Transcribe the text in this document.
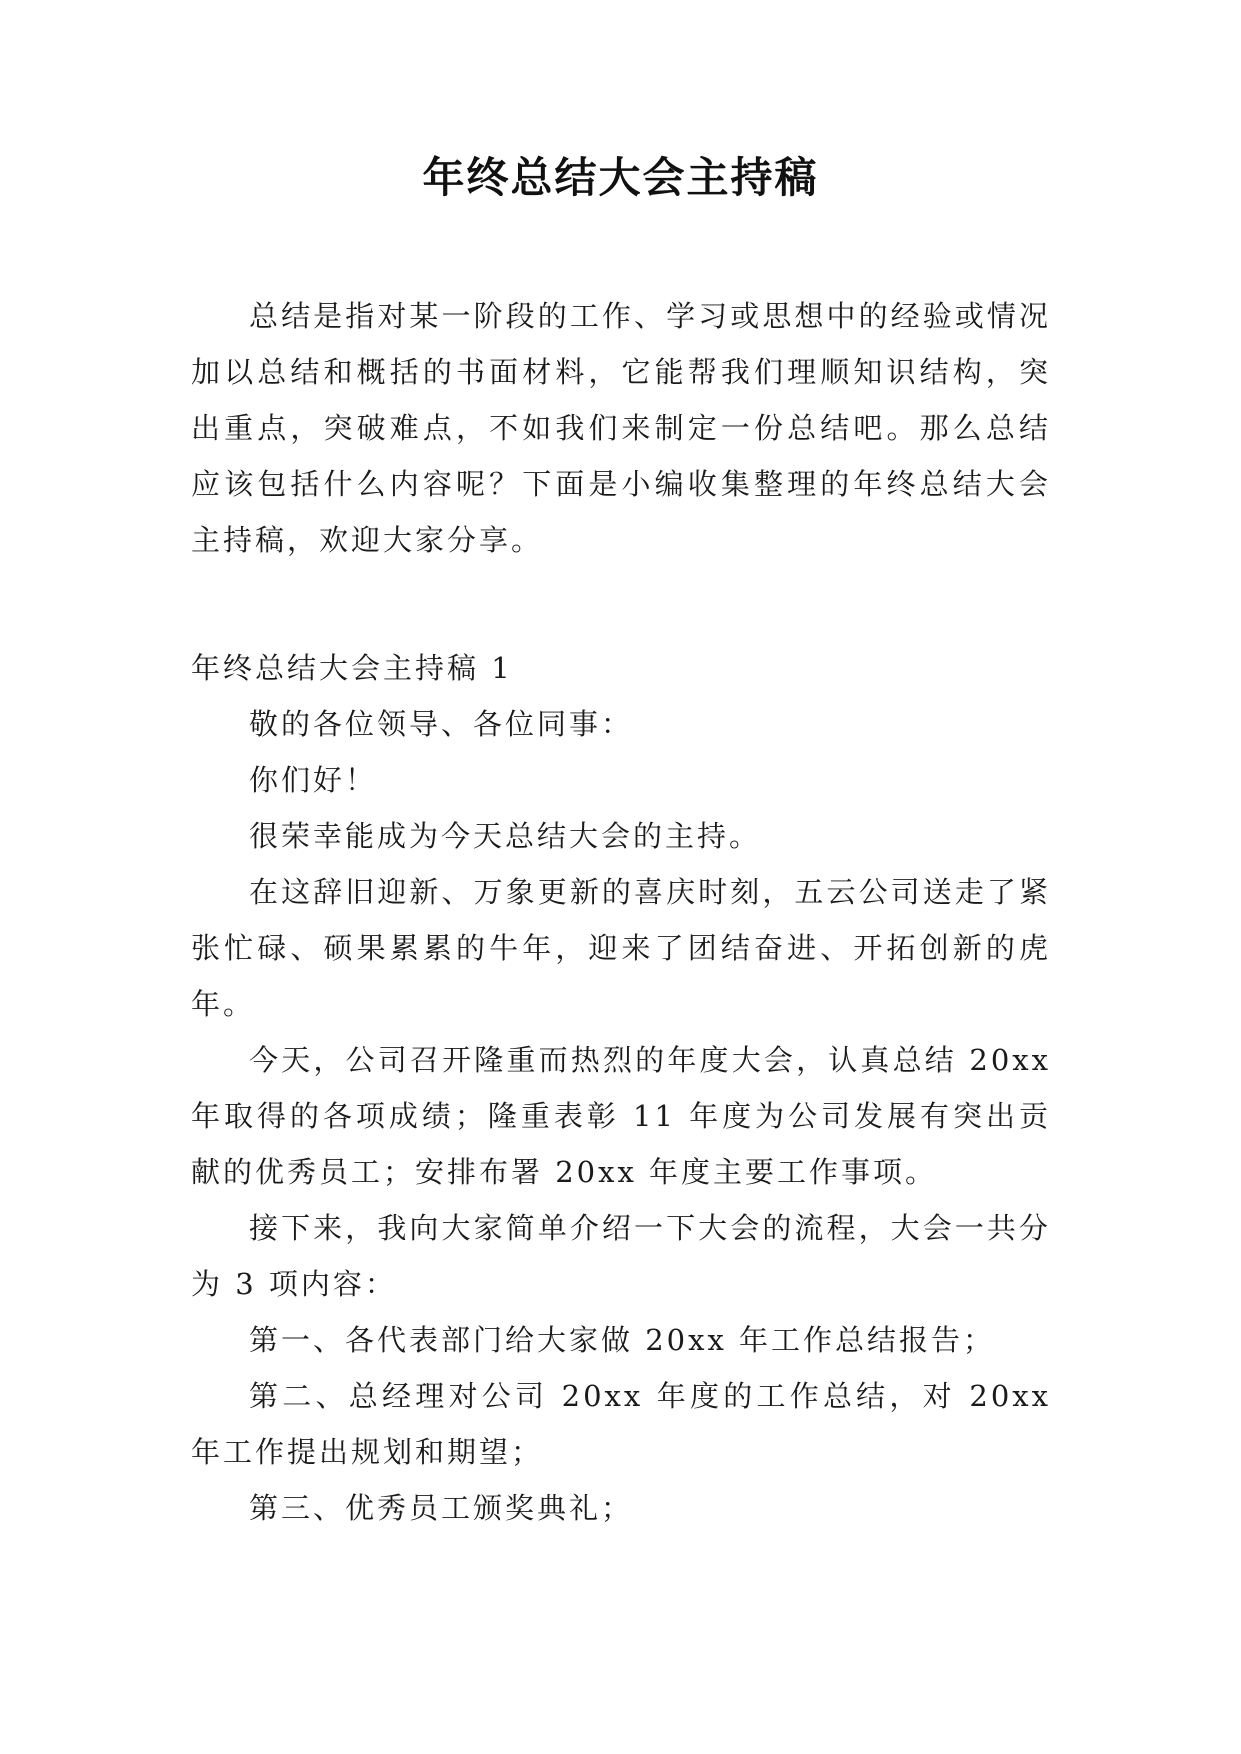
年终总结大会主持稿

总结是指对某一阶段的工作、学习或思想中的经验或情况加以总结和概括的书面材料，它能帮我们理顺知识结构，突出重点，突破难点，不如我们来制定一份总结吧。那么总结应该包括什么内容呢？下面是小编收集整理的年终总结大会主持稿，欢迎大家分享。

年终总结大会主持稿 1

敬的各位领导、各位同事：

你们好！

很荣幸能成为今天总结大会的主持。

在这辞旧迎新、万象更新的喜庆时刻，五云公司送走了紧张忙碌、硕果累累的牛年，迎来了团结奋进、开拓创新的虎年。

今天，公司召开隆重而热烈的年度大会，认真总结 20xx 年取得的各项成绩；隆重表彰 11 年度为公司发展有突出贡献的优秀员工；安排布署 20xx 年度主要工作事项。

接下来，我向大家简单介绍一下大会的流程，大会一共分为 3 项内容：

第一、各代表部门给大家做 20xx 年工作总结报告；

第二、总经理对公司 20xx 年度的工作总结，对 20xx 年工作提出规划和期望；

第三、优秀员工颁奖典礼；
